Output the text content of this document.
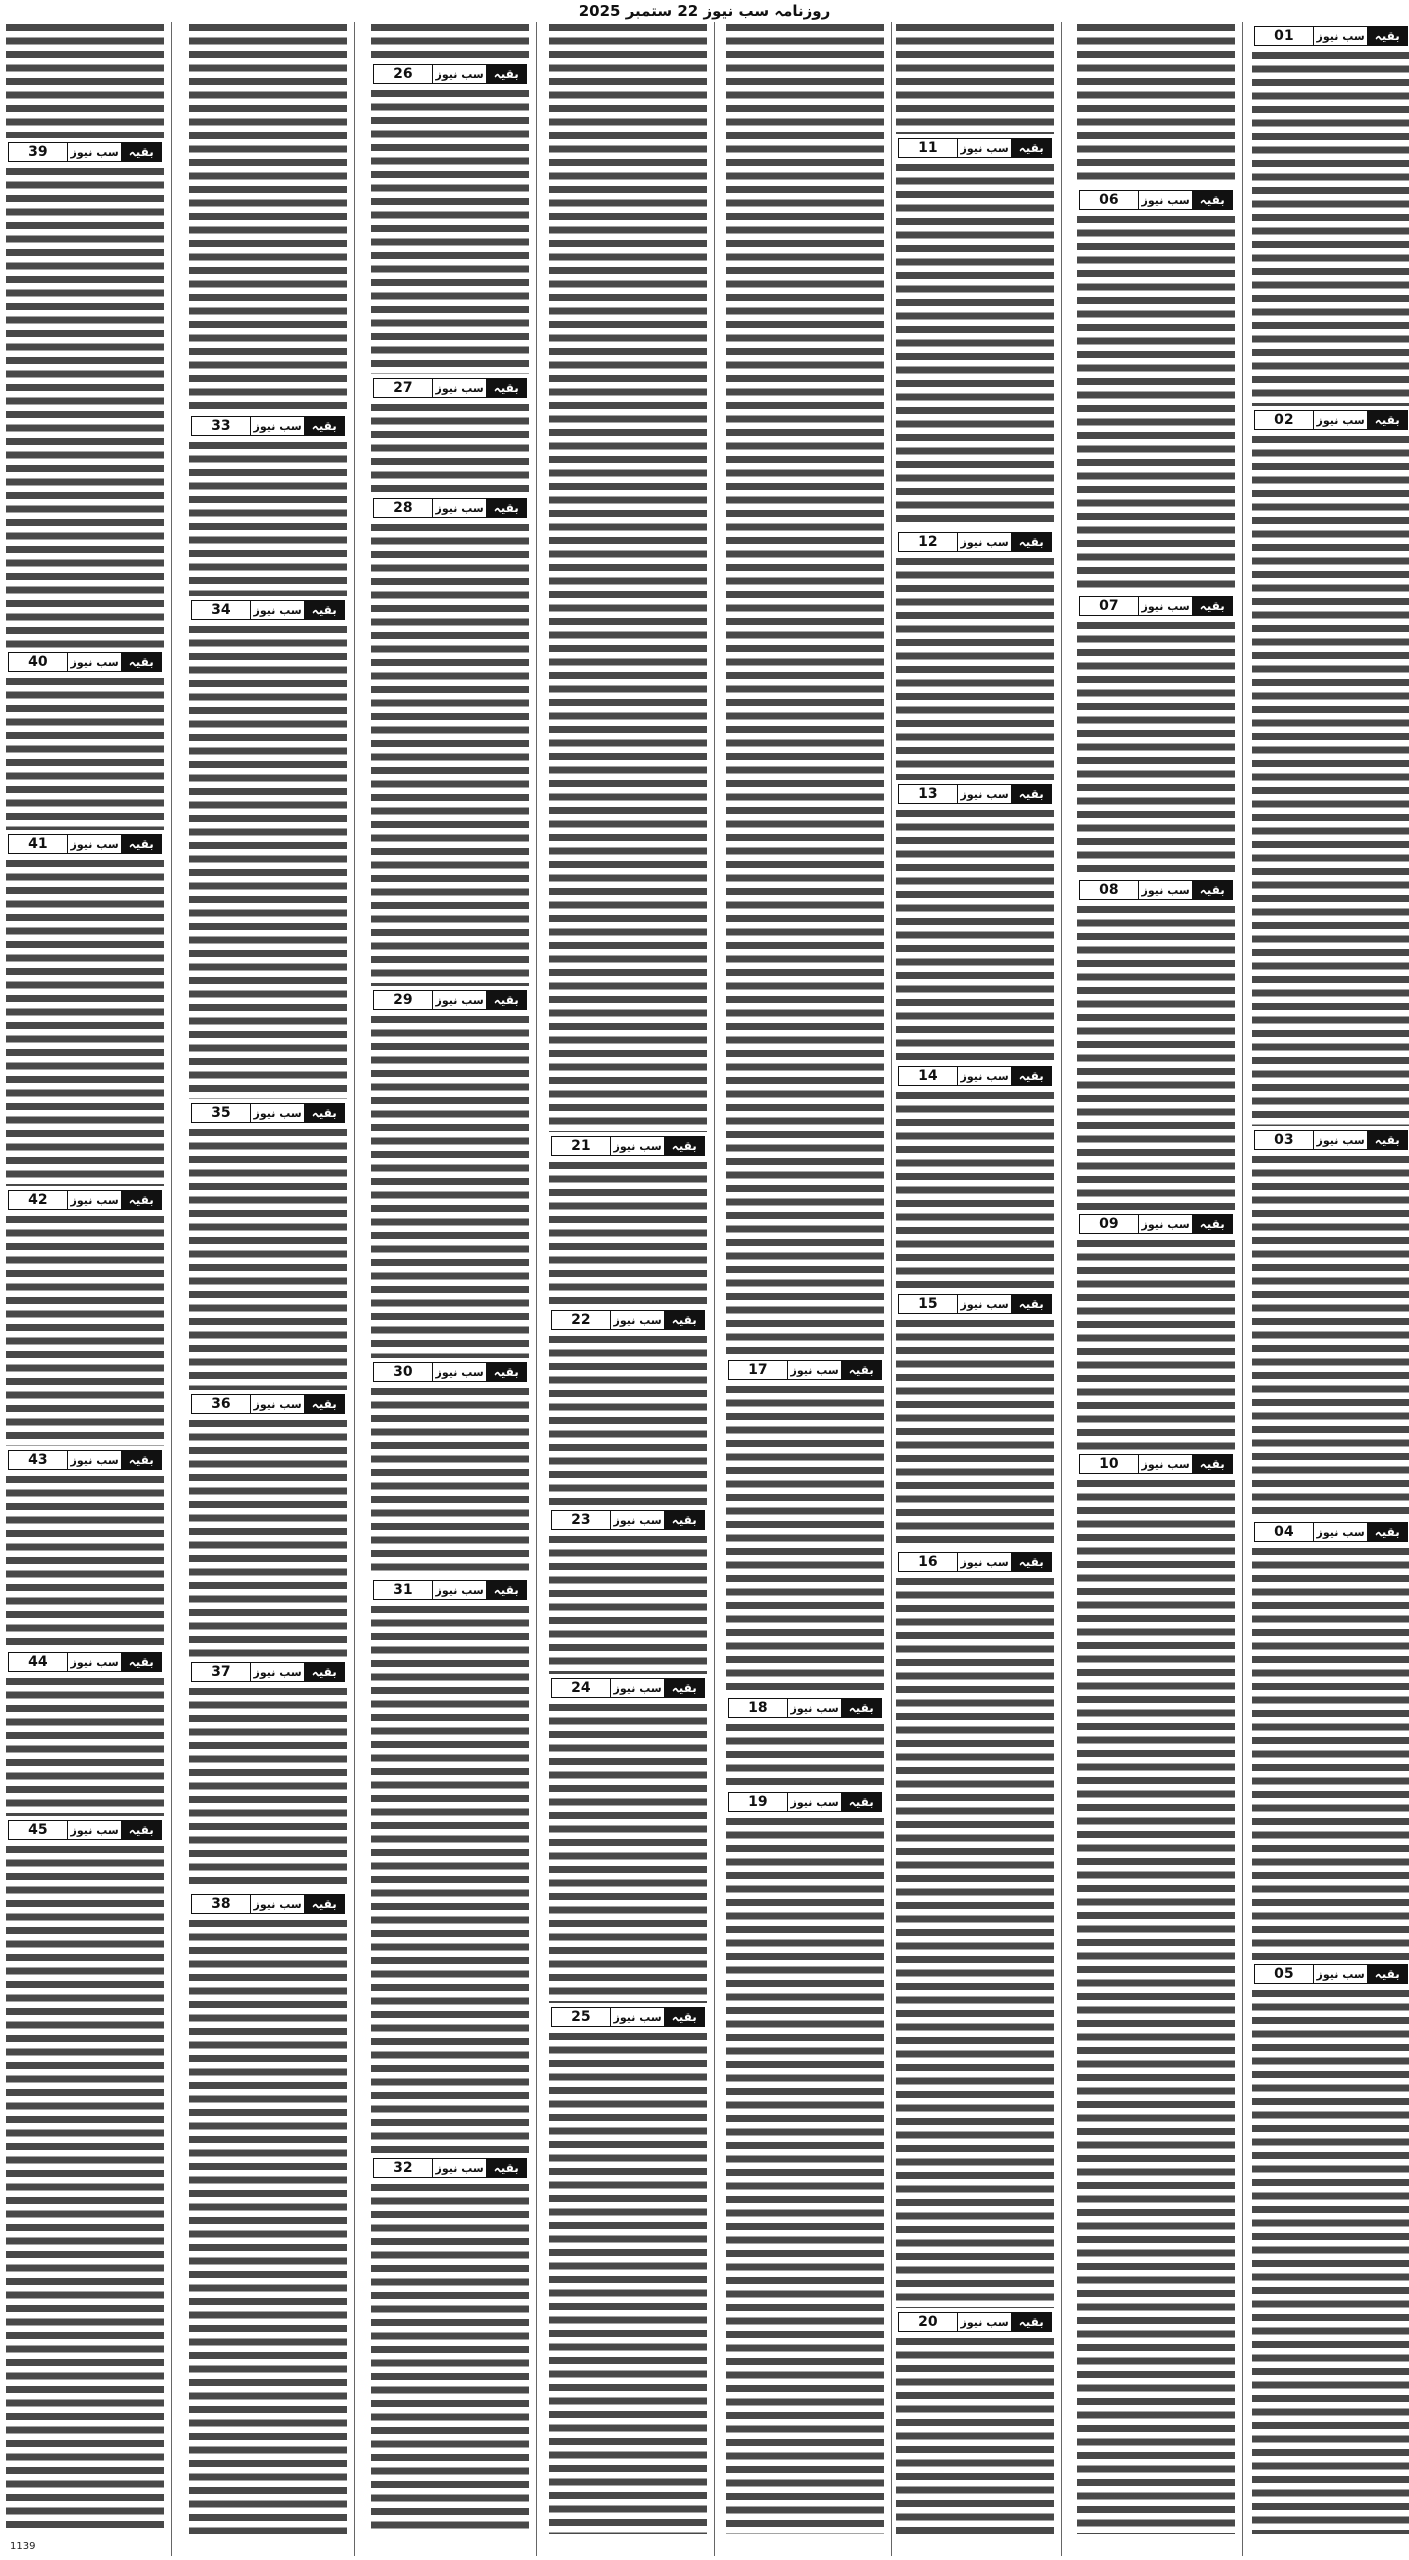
روزنامہ سب نیوز 22 ستمبر 2025
01	سب نیوز بقیہ
02	سب نیوز بقیہ
03	سب نیوز بقیہ
04	سب نیوز بقیہ
05	سب نیوز بقیہ
06	سب نیوز بقیہ
07	سب نیوز بقیہ
08	سب نیوز بقیہ
09	سب نیوز بقیہ
10	سب نیوز بقیہ
11	سب نیوز بقیہ
12	سب نیوز بقیہ
13	سب نیوز بقیہ
14	سب نیوز بقیہ
15	سب نیوز بقیہ
16	سب نیوز بقیہ
20	سب نیوز بقیہ
17	سب نیوز بقیہ
18	سب نیوز بقیہ
19	سب نیوز بقیہ
21	سب نیوز بقیہ
22	سب نیوز بقیہ
23	سب نیوز بقیہ
24	سب نیوز بقیہ
25	سب نیوز بقیہ
26	سب نیوز بقیہ
27	سب نیوز بقیہ
28	سب نیوز بقیہ
29	سب نیوز بقیہ
30	سب نیوز بقیہ
31	سب نیوز بقیہ
32	سب نیوز بقیہ
33	سب نیوز بقیہ
34	سب نیوز بقیہ
35	سب نیوز بقیہ
36	سب نیوز بقیہ
37	سب نیوز بقیہ
38	سب نیوز بقیہ
39	سب نیوز بقیہ
40	سب نیوز بقیہ
41	سب نیوز بقیہ
42	سب نیوز بقیہ
43	سب نیوز بقیہ
44	سب نیوز بقیہ
45	سب نیوز بقیہ
1139
